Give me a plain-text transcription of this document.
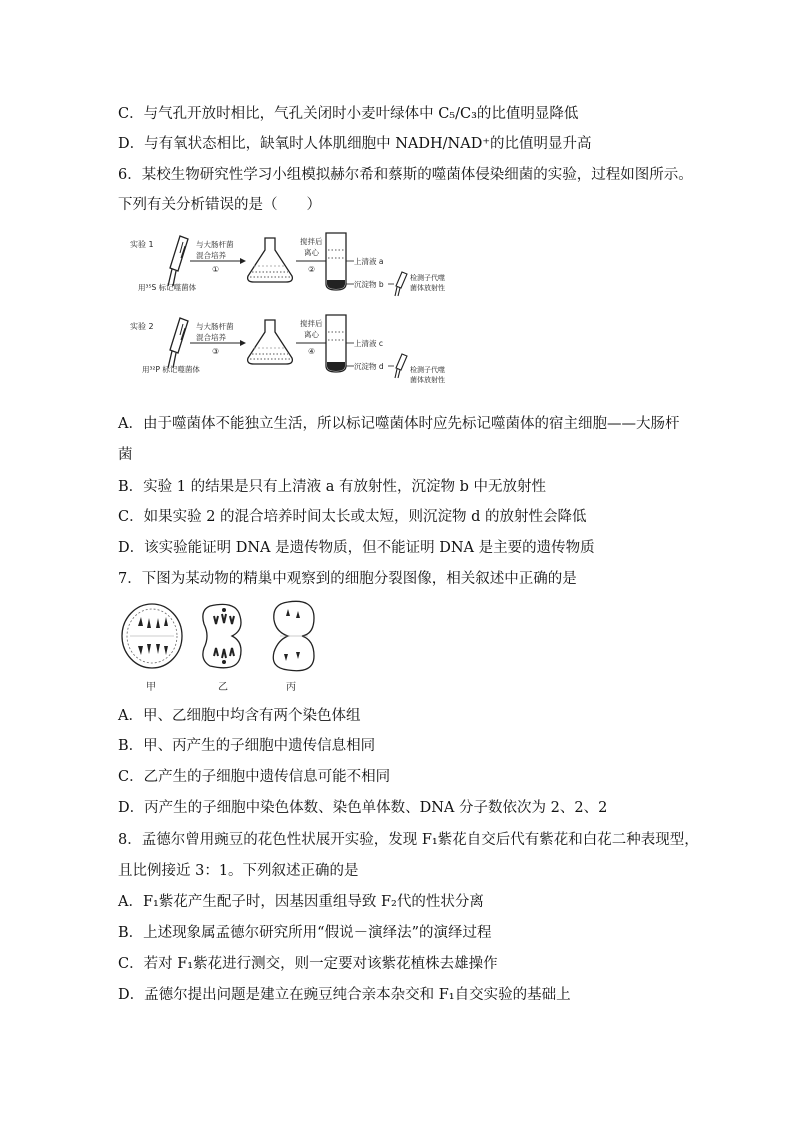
C．与气孔开放时相比，气孔关闭时小麦叶绿体中 C₅/C₃的比值明显降低
D．与有氧状态相比，缺氧时人体肌细胞中 NADH/NAD⁺的比值明显升高
6．某校生物研究性学习小组模拟赫尔希和蔡斯的噬菌体侵染细菌的实验，过程如图所示。
下列有关分析错误的是（　　）
实验 1	与大肠杆菌
混合培养
①
搅拌后
离心
②
上清液 a
沉淀物 b
检测子代噬
菌体放射性
用³⁵S 标记噬菌体
实验 2	与大肠杆菌
混合培养
③
搅拌后
离心
④
上清液 c
沉淀物 d	检测子代噬
菌体放射性
用³²P 标记噬菌体
A．由于噬菌体不能独立生活，所以标记噬菌体时应先标记噬菌体的宿主细胞——大肠杆
菌
B．实验 1 的结果是只有上清液 a 有放射性，沉淀物 b 中无放射性
C．如果实验 2 的混合培养时间太长或太短，则沉淀物 d 的放射性会降低
D．该实验能证明 DNA 是遗传物质，但不能证明 DNA 是主要的遗传物质
7．下图为某动物的精巢中观察到的细胞分裂图像，相关叙述中正确的是
甲	乙	丙
A．甲、乙细胞中均含有两个染色体组
B．甲、丙产生的子细胞中遗传信息相同
C．乙产生的子细胞中遗传信息可能不相同
D．丙产生的子细胞中染色体数、染色单体数、DNA 分子数依次为 2、2、2
8．孟德尔曾用豌豆的花色性状展开实验，发现 F₁紫花自交后代有紫花和白花二种表现型，
且比例接近 3：1。下列叙述正确的是
A．F₁紫花产生配子时，因基因重组导致 F₂代的性状分离
B．上述现象属孟德尔研究所用“假说－演绎法”的演绎过程
C．若对 F₁紫花进行测交，则一定要对该紫花植株去雄操作
D．孟德尔提出问题是建立在豌豆纯合亲本杂交和 F₁自交实验的基础上
